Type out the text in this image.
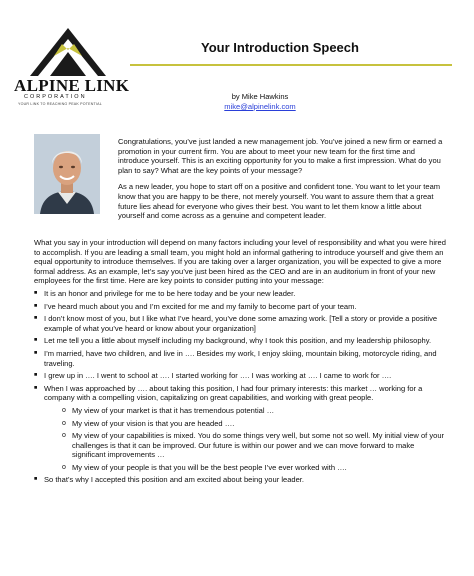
ALPINE LINK
CORPORATION
YOUR LINK TO REACHING PEAK POTENTIAL
Your Introduction Speech
by Mike Hawkins
mike@alpinelink.com

Congratulations, you’ve just landed a new management job. You’ve joined a new firm or earned a promotion in your current firm. You are about to meet your new team for the first time and introduce yourself. This is an exciting opportunity for you to make a first impression. What do you plan to say? What are the key points of your message?

As a new leader, you hope to start off on a positive and confident tone. You want to let your team know that you are happy to be there, not merely yourself. You want to assure them that a great future lies ahead for everyone who gives their best. You want to let them know a little about yourself and come across as a genuine and competent leader.

What you say in your introduction will depend on many factors including your level of responsibility and what you were hired to accomplish. If you are leading a small team, you might hold an informal gathering to introduce yourself and give them an equal opportunity to introduce themselves. If you are taking over a larger organization, you will be expected to give a more formal address. As an example, let’s say you’ve just been hired as the CEO and are in an auditorium in front of your new employees for the first time. Here are key points to consider putting into your message:

■ It is an honor and privilege for me to be here today and be your new leader.
■ I’ve heard much about you and I’m excited for me and my family to become part of your team.
■ I don’t know most of you, but I like what I’ve heard, you’ve done some amazing work. [Tell a story or provide a positive example of what you’ve heard or know about your organization]
■ Let me tell you a little about myself including my background, why I took this position, and my leadership philosophy.
■ I’m married, have two children, and live in …. Besides my work, I enjoy skiing, mountain biking, motorcycle riding, and traveling.
■ I grew up in …. I went to school at …. I started working for …. I was working at …. I came to work for ….
■ When I was approached by …. about taking this position, I had four primary interests: this market … working for a company with a compelling vision, capitalizing on great capabilities, and working with great people.
o My view of your market is that it has tremendous potential …
o My view of your vision is that you are headed ….
o My view of your capabilities is mixed. You do some things very well, but some not so well. My initial view of your challenges is that it can be improved. Our future is within our power and we can move forward to make significant improvements …
o My view of your people is that you will be the best people I’ve ever worked with ….
■ So that’s why I accepted this position and am excited about being your leader.
